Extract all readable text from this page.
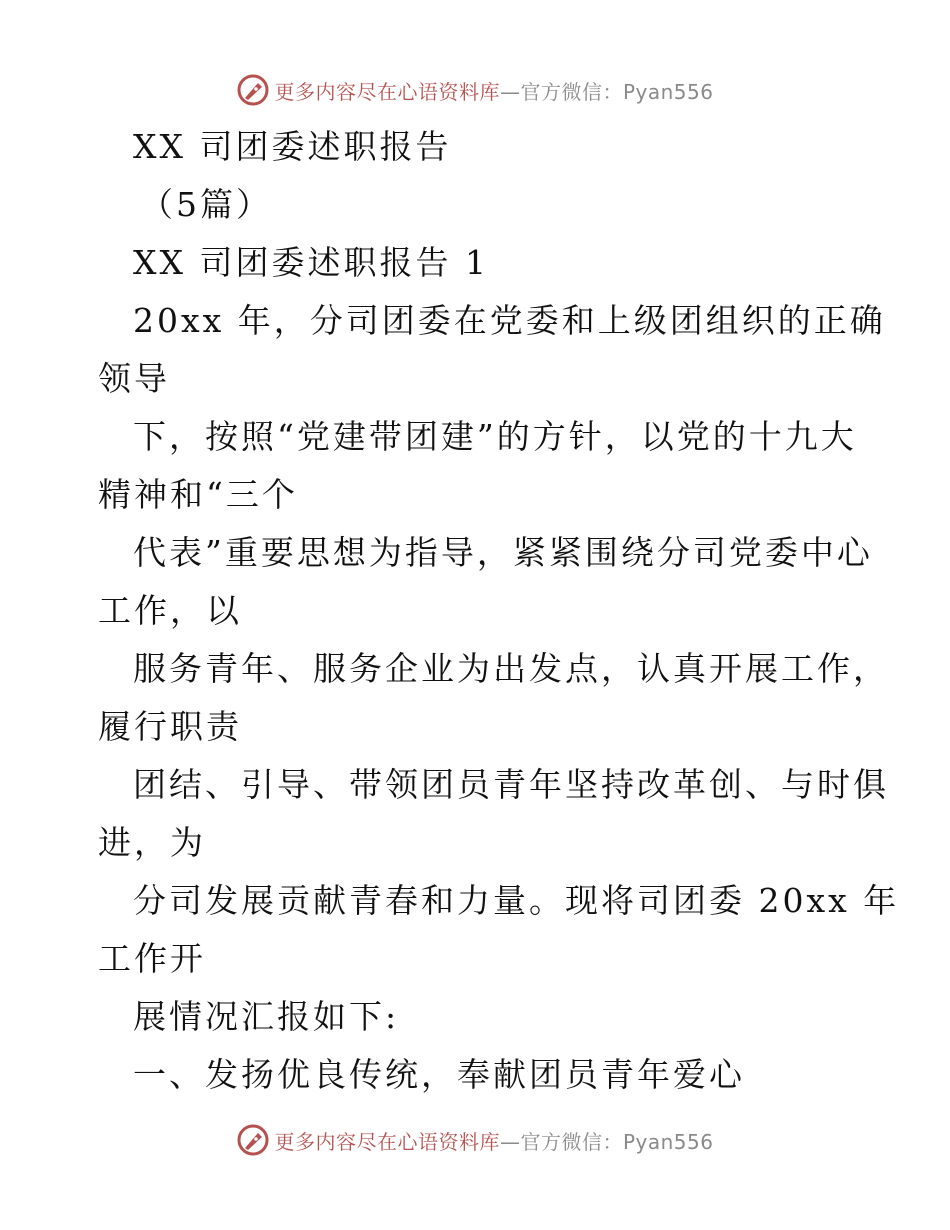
更多内容尽在心语资料库—官方微信：Pyan556
XX 司团委述职报告
（5篇）
XX 司团委述职报告 1
20xx 年，分司团委在党委和上级团组织的正确
领导
下，按照“党建带团建”的方针，以党的十九大
精神和“三个
代表”重要思想为指导，紧紧围绕分司党委中心
工作，以
服务青年、服务企业为出发点，认真开展工作，
履行职责
团结、引导、带领团员青年坚持改革创、与时俱
进，为
分司发展贡献青春和力量。现将司团委 20xx 年
工作开
展情况汇报如下:
一、发扬优良传统，奉献团员青年爱心
更多内容尽在心语资料库—官方微信：Pyan556
